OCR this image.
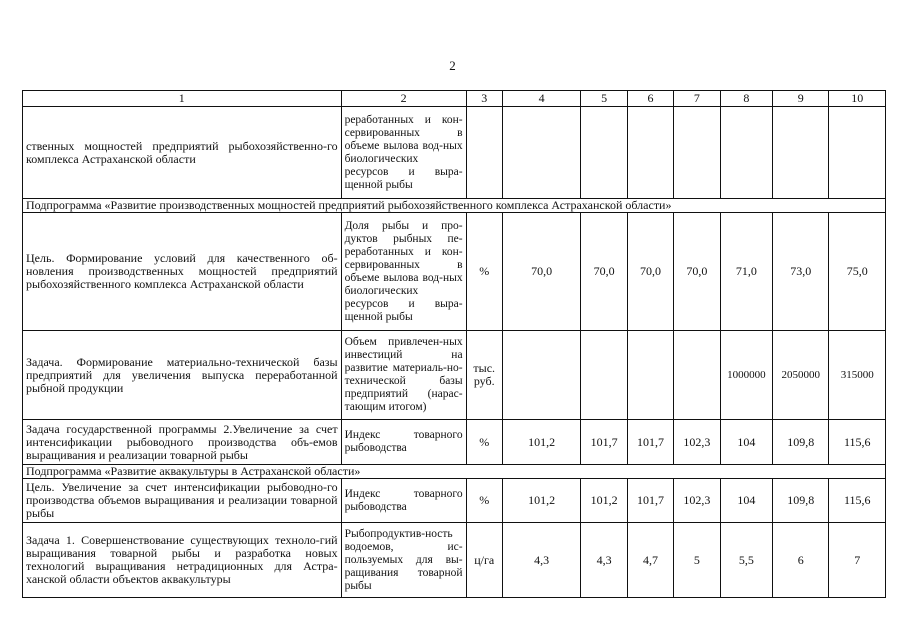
2
1	2	3	4	5	6	7	8	9	10
ственных мощностей предприятий рыбохозяйственно-го комплекса Астраханской области	реработанных и кон-сервированных в объеме вылова вод-ных биологических ресурсов и выра-щенной рыбы								
Подпрограмма «Развитие производственных мощностей предприятий рыбохозяйственного комплекса Астраханской области»									
Цель. Формирование условий для качественного об-новления производственных мощностей предприятий рыбохозяйственного комплекса Астраханской области	Доля рыбы и про-дуктов рыбных пе-реработанных и кон-сервированных в объеме вылова вод-ных биологических ресурсов и выра-щенной рыбы	%	70,0	70,0	70,0	70,0	71,0	73,0	75,0
Задача. Формирование материально-технической базы предприятий для увеличения выпуска переработанной рыбной продукции	Объем привлечен-ных инвестиций на развитие материаль-но-технической базы предприятий (нарас-тающим итогом)	тыс. руб.					1000000	2050000	315000
Задача государственной программы 2.Увеличение за счет интенсификации рыбоводного производства объ-емов выращивания и реализации товарной рыбы	Индекс товарного рыбоводства	%	101,2	101,7	101,7	102,3	104	109,8	115,6
Подпрограмма «Развитие аквакультуры в Астраханской области»									
Цель. Увеличение за счет интенсификации рыбоводно-го производства объемов выращивания и реализации товарной рыбы	Индекс товарного рыбоводства	%	101,2	101,2	101,7	102,3	104	109,8	115,6
Задача 1. Совершенствование существующих техноло-гий выращивания товарной рыбы и разработка новых технологий выращивания нетрадиционных для Астра-ханской области объектов аквакультуры	Рыбопродуктив-ность водоемов, ис-пользуемых для вы-ращивания товарной рыбы	ц/га	4,3	4,3	4,7	5	5,5	6	7
